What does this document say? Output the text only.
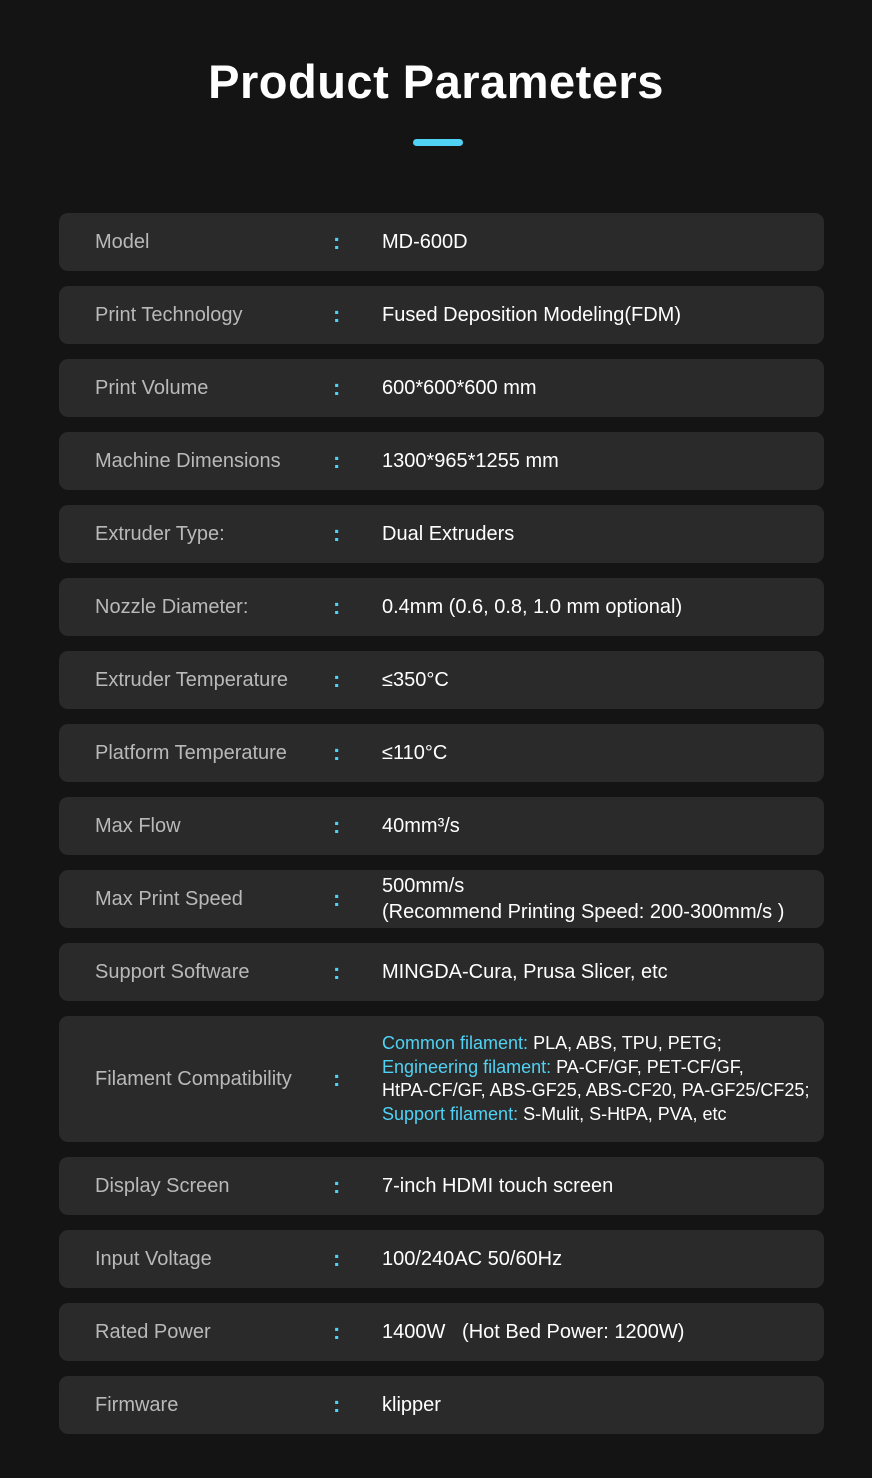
Product Parameters
Model	: MD-600D
Print Technology	: Fused Deposition Modeling(FDM)
Print Volume	: 600*600*600 mm
Machine Dimensions : 1300*965*1255 mm
Extruder Type:	: Dual Extruders
Nozzle Diameter:	: 0.4mm (0.6, 0.8, 1.0 mm optional)
Extruder Temperature : ≤350°C
Platform Temperature : ≤110°C
Max Flow	: 40mm³/s
Max Print Speed	: 500mm/s
(Recommend Printing Speed: 200-300mm/s )
Support Software	: MINGDA-Cura, Prusa Slicer, etc
Filament Compatibility :
Common filament: PLA, ABS, TPU, PETG;
Engineering filament: PA-CF/GF, PET-CF/GF,
HtPA-CF/GF, ABS-GF25, ABS-CF20, PA-GF25/CF25;
Support filament: S-Mulit, S-HtPA, PVA, etc
Display Screen	: 7-inch HDMI touch screen
Input Voltage	: 100/240AC 50/60Hz
Rated Power	: 1400W   (Hot Bed Power: 1200W)
Firmware	: klipper
